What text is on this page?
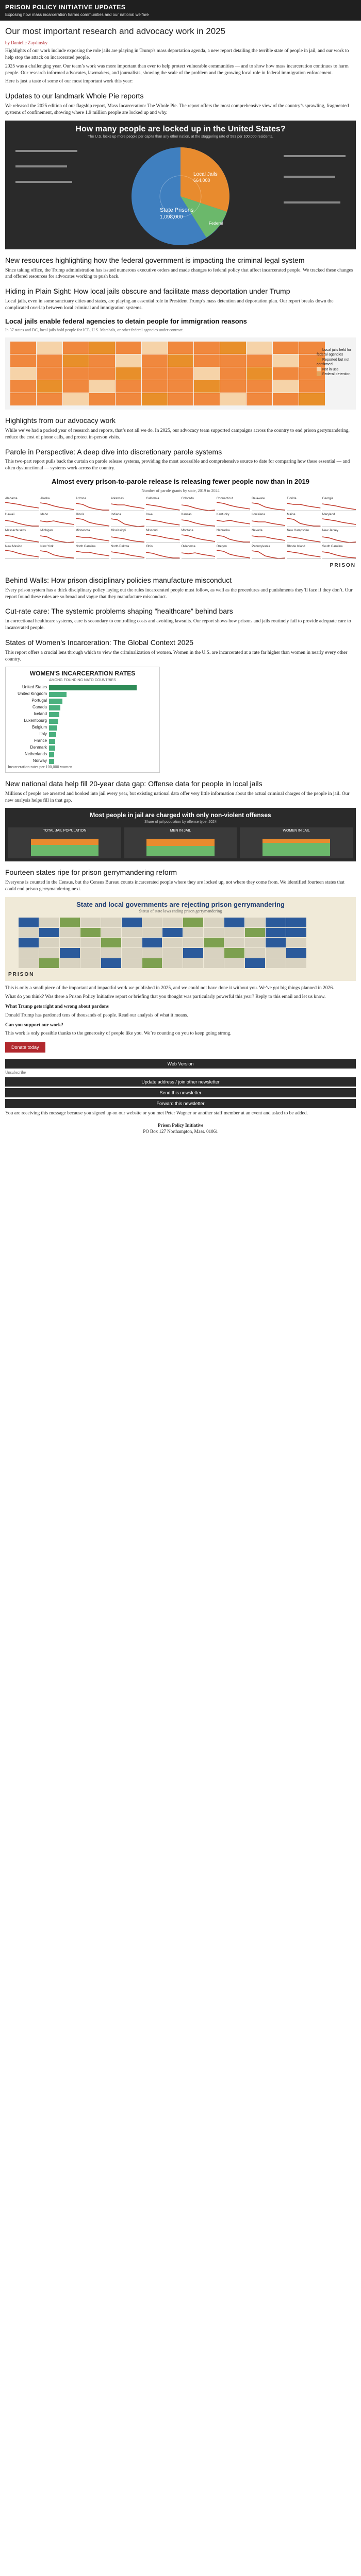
PRISON POLICY INITIATIVE UPDATES
Exposing how mass incarceration harms communities and our national welfare
Our most important research and advocacy work in 2025
by Danielle Zaydinsky

Highlights of our work include exposing the role jails are playing in Trump's mass deportation agenda, a new report detailing the terrible state of people in jail, and our work to help stop the attack on incarcerated people.

2025 was a challenging year. Our team’s work was more important than ever to help protect vulnerable communities — and to show how mass incarceration continues to harm people. Our research informed advocates, lawmakers, and journalists, showing the scale of the problem and the growing local role in federal immigration enforcement.

Here is just a taste of some of our most important work this year:

Updates to our landmark Whole Pie reports

We released the 2025 edition of our flagship report, Mass Incarceration: The Whole Pie. The report offers the most comprehensive view of the country’s sprawling, fragmented systems of confinement, showing where 1.9 million people are locked up and why.

How many people are locked up in the United States?
The U.S. locks up more people per capita than any other nation, at the staggering rate of 583 per 100,000 residents.
State Prisons
1,098,000
Local Jails
664,000
Federal
New resources highlighting how the federal government is impacting the criminal legal system

Since taking office, the Trump administration has issued numerous executive orders and made changes to federal policy that affect incarcerated people. We tracked these changes and offered resources for advocates working to push back.

Hiding in Plain Sight: How local jails obscure and facilitate mass deportation under Trump

Local jails, even in some sanctuary cities and states, are playing an essential role in President Trump’s mass detention and deportation plan. Our report breaks down the complicated overlap between local criminal and immigration systems.

Local jails enable federal agencies to detain people for immigration reasons
In 37 states and DC, local jails hold people for ICE, U.S. Marshals, or other federal agencies under contract.
Local jails held for federal agencies
Reported but not confirmed
Not in use
Federal detention
Highlights from our advocacy work

While we’ve had a packed year of research and reports, that’s not all we do. In 2025, our advocacy team supported campaigns across the country to end prison gerrymandering, reduce the cost of phone calls, and protect in-person visits.

Parole in Perspective: A deep dive into discretionary parole systems

This two-part report pulls back the curtain on parole release systems, providing the most accessible and comprehensive source to date for comparing how these essential — and often dysfunctional — systems work across the country.

Almost every prison-to-parole release is releasing fewer people now than in 2019
Number of parole grants by state, 2019 to 2024
Alabama	Alaska	Arizona	Arkansas	California	Colorado	Connecticut	Delaware	Florida	Georgia
Hawaii	Idaho	Illinois	Indiana	Iowa	Kansas	Kentucky	Louisiana	Maine	Maryland
Massachusetts	Michigan	Minnesota	Mississippi	Missouri	Montana	Nebraska	Nevada	New Hampshire	New Jersey
New Mexico	New York	North Carolina	North Dakota	Ohio	Oklahoma	Oregon	Pennsylvania	Rhode Island	South Carolina
PRISON
Behind Walls: How prison disciplinary policies manufacture misconduct

Every prison system has a thick disciplinary policy laying out the rules incarcerated people must follow, as well as the procedures and punishments they’ll face if they don’t. Our report found these rules are so broad and vague that they manufacture misconduct.

Cut-rate care: The systemic problems shaping “healthcare” behind bars

In correctional healthcare systems, care is secondary to controlling costs and avoiding lawsuits. Our report shows how prisons and jails routinely fail to provide adequate care to incarcerated people.

States of Women’s Incarceration: The Global Context 2025

This report offers a crucial lens through which to view the criminalization of women. Women in the U.S. are incarcerated at a rate far higher than women in nearly every other country.

WOMEN'S INCARCERATION RATES
AMONG FOUNDING NATO COUNTRIES
United States
United Kingdom
Portugal
Canada
Iceland
Luxembourg
Belgium
Italy
France
Denmark
Netherlands
Norway
Incarceration rates per 100,000 women
New national data help fill 20-year data gap: Offense data for people in local jails

Millions of people are arrested and booked into jail every year, but existing national data offer very little information about the actual criminal charges of the people in jail. Our new analysis helps fill in that gap.

Most people in jail are charged with only non-violent offenses
Share of jail population by offense type, 2024
TOTAL JAIL POPULATION	MEN IN JAIL	WOMEN IN JAIL
Fourteen states ripe for prison gerrymandering reform

Everyone is counted in the Census, but the Census Bureau counts incarcerated people where they are locked up, not where they come from. We identified fourteen states that could end prison gerrymandering next.

State and local governments are rejecting prison gerrymandering
Status of state laws ending prison gerrymandering
PRISON

This is only a small piece of the important and impactful work we published in 2025, and we could not have done it without you. We’ve got big things planned in 2026.

What do you think? Was there a Prison Policy Initiative report or briefing that you thought was particularly powerful this year? Reply to this email and let us know.

What Trump gets right and wrong about pardons

Donald Trump has pardoned tens of thousands of people. Read our analysis of what it means.

Can you support our work?

This work is only possible thanks to the generosity of people like you. We’re counting on you to keep going strong.

Donate today
Web Version
Unsubscribe
Update address / join other newsletter
Send this newsletter
Forward this newsletter

You are receiving this message because you signed up on our website or you met Peter Wagner or another staff member at an event and asked to be added.

Prison Policy Initiative
PO Box 127 Northampton, Mass. 01061
